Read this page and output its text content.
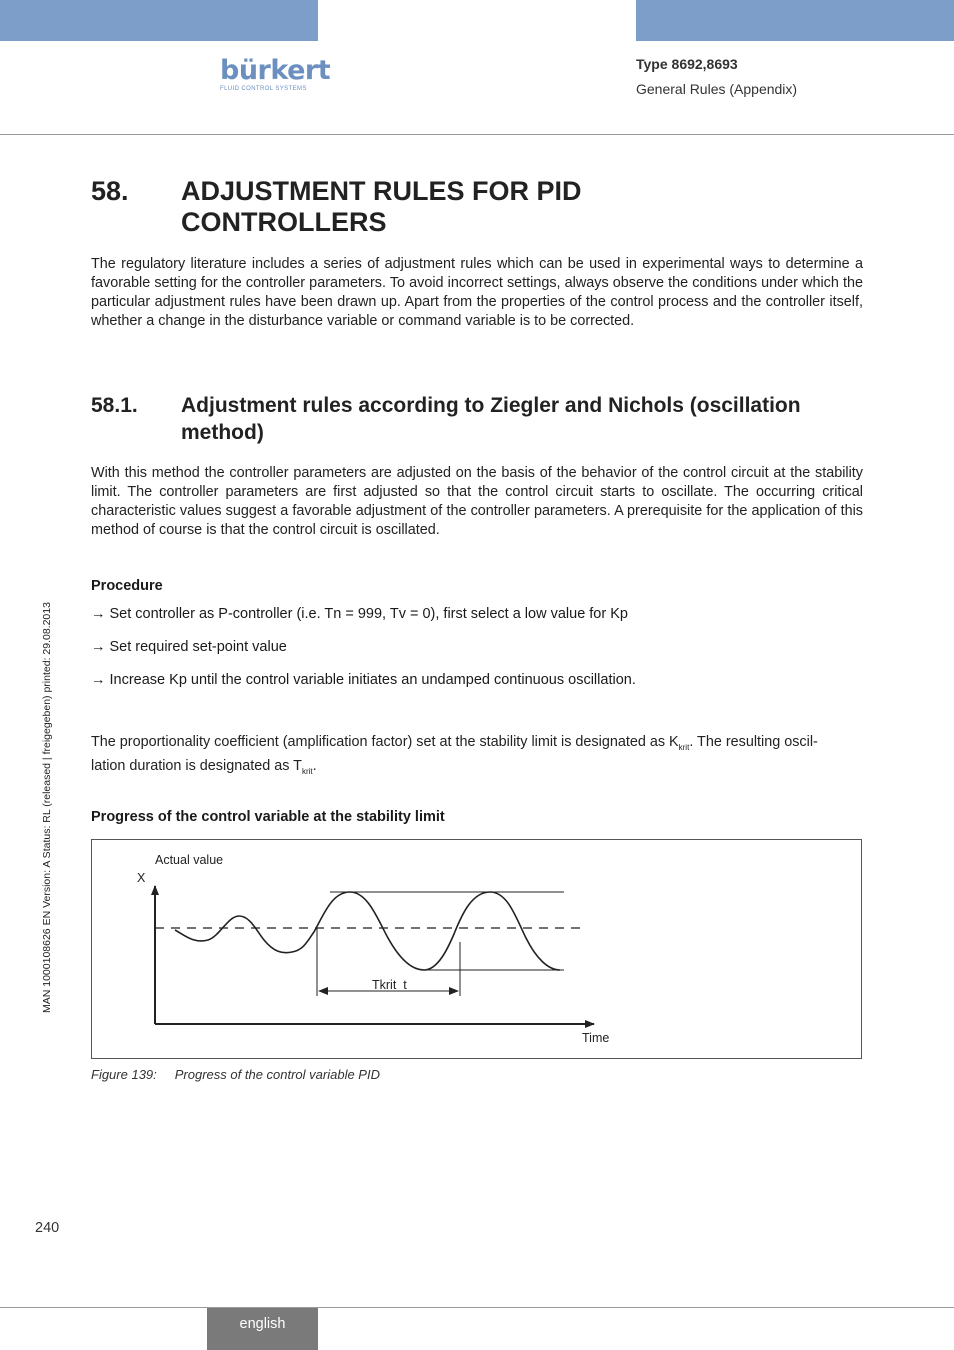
bürkert
FLUID CONTROL SYSTEMS
Type 8692,8693
General Rules (Appendix)
58. ADJUSTMENT RULES FOR PID CONTROLLERS
The regulatory literature includes a series of adjustment rules which can be used in experimental ways to determine a favorable setting for the controller parameters. To avoid incorrect settings, always observe the conditions under which the particular adjustment rules have been drawn up. Apart from the properties of the control process and the controller itself, whether a change in the disturbance variable or command variable is to be corrected.
58.1. Adjustment rules according to Ziegler and Nichols (oscillation method)
With this method the controller parameters are adjusted on the basis of the behavior of the control circuit at the stability limit. The controller parameters are first adjusted so that the control circuit starts to oscillate. The occurring critical characteristic values suggest a favorable adjustment of the controller parameters. A prerequisite for the application of this method of course is that the control circuit is oscillated.
Procedure
→ Set controller as P-controller (i.e. Tn = 999, Tv = 0), first select a low value for Kp
→ Set required set-point value
→ Increase Kp until the control variable initiates an undamped continuous oscillation.
The proportionality coefficient (amplification factor) set at the stability limit is designated as $K_{krit}$. The resulting oscil-
lation duration is designated as $T_{krit}$.
Progress of the control variable at the stability limit
Actual value
X
Time
Tkrit  t
Figure 139: Progress of the control variable PID
MAN 1000108626 EN Version: A Status: RL (released | freigegeben) printed: 29.08.2013
240
english
